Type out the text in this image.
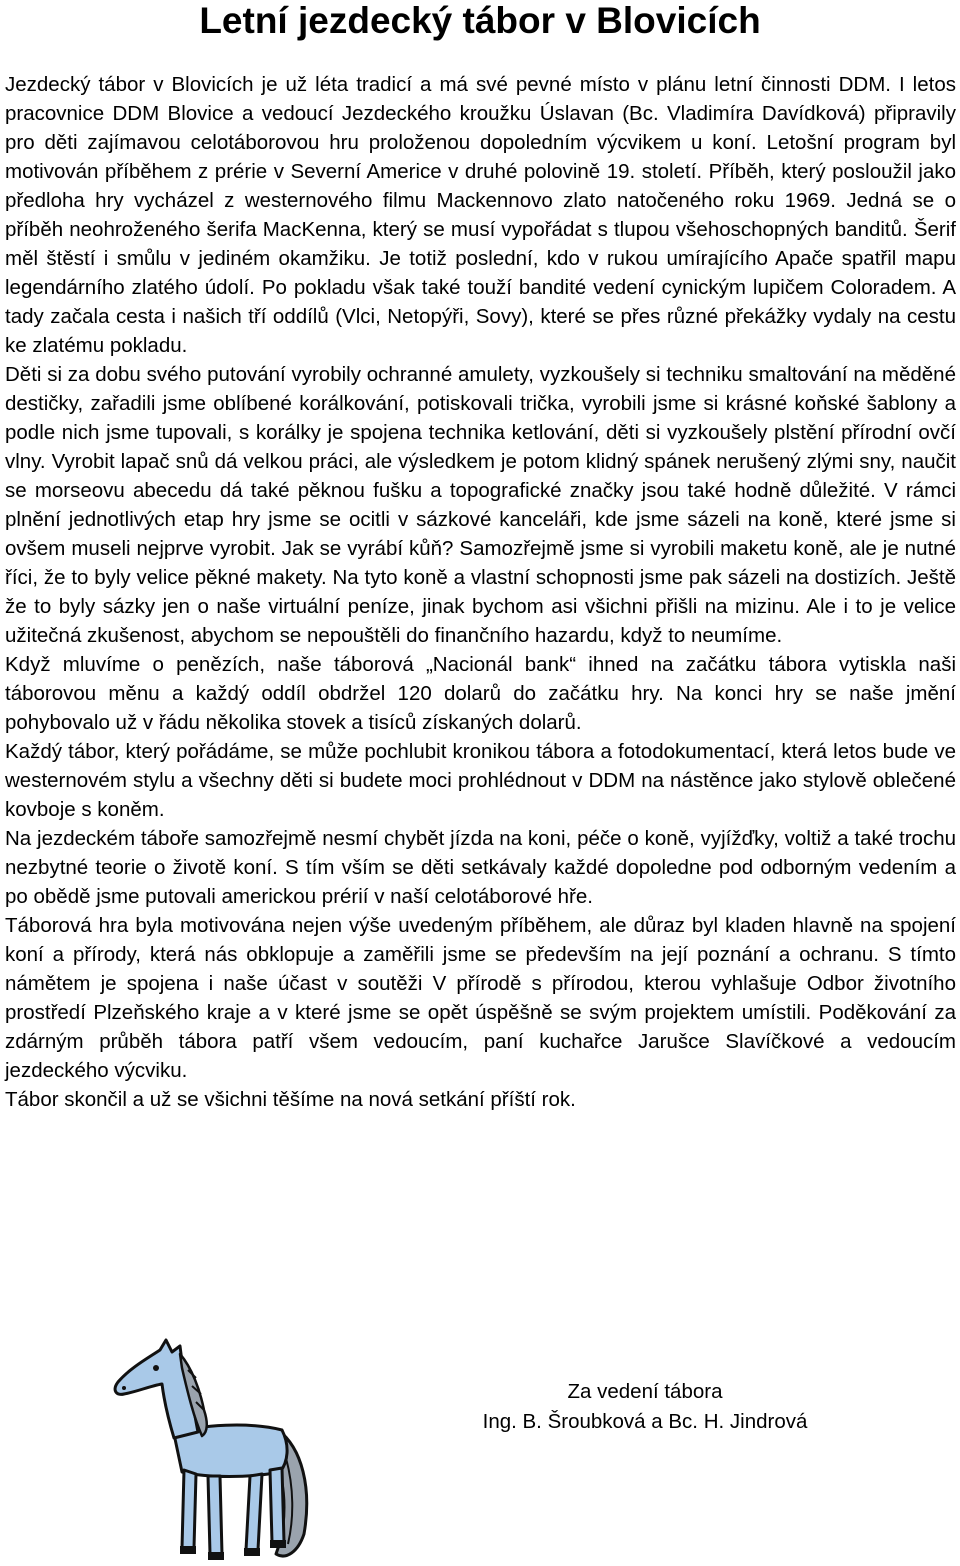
Letní jezdecký tábor v Blovicích

Jezdecký tábor v Blovicích je už léta tradicí a má své pevné místo v plánu letní činnosti DDM. I letos pracovnice DDM Blovice a vedoucí Jezdeckého kroužku Úslavan (Bc. Vladimíra Davídková) připravily pro děti zajímavou celotáborovou hru proloženou dopoledním výcvikem u koní. Letošní program byl motivován příběhem z prérie v Severní Americe v druhé polovině 19. století. Příběh, který posloužil jako předloha hry vycházel z westernového filmu Mackennovo zlato natočeného roku 1969. Jedná se o příběh neohroženého šerifa MacKenna, který se musí vypořádat s tlupou všehoschopných banditů. Šerif měl štěstí i smůlu v jediném okamžiku. Je totiž poslední, kdo v rukou umírajícího Apače spatřil mapu legendárního zlatého údolí. Po pokladu však také touží bandité vedení cynickým lupičem Coloradem. A tady začala cesta i našich tří oddílů (Vlci, Netopýři, Sovy), které se přes různé překážky vydaly na cestu ke zlatému pokladu.

Děti si za dobu svého putování vyrobily ochranné amulety, vyzkoušely si techniku smaltování na měděné destičky, zařadili jsme oblíbené korálkování, potiskovali trička, vyrobili jsme si krásné koňské šablony a podle nich jsme tupovali, s korálky je spojena technika ketlování, děti si vyzkoušely plstění přírodní ovčí vlny. Vyrobit lapač snů dá velkou práci, ale výsledkem je potom klidný spánek nerušený zlými sny, naučit se morseovu abecedu dá také pěknou fušku a topografické značky jsou také hodně důležité. V rámci plnění jednotlivých etap hry jsme se ocitli v sázkové kanceláři, kde jsme sázeli na koně, které jsme si ovšem museli nejprve vyrobit. Jak se vyrábí kůň? Samozřejmě jsme si vyrobili maketu koně, ale je nutné říci, že to byly velice pěkné makety. Na tyto koně a vlastní schopnosti jsme pak sázeli na dostizích. Ještě že to byly sázky jen o naše virtuální peníze, jinak bychom asi všichni přišli na mizinu. Ale i to je velice užitečná zkušenost, abychom se nepouštěli do finančního hazardu, když to neumíme.

Když mluvíme o penězích, naše táborová „Nacionál bank“ ihned na začátku tábora vytiskla naši táborovou měnu a každý oddíl obdržel 120 dolarů do začátku hry. Na konci hry se naše jmění pohybovalo už v řádu několika stovek a tisíců získaných dolarů.

Každý tábor, který pořádáme, se může pochlubit kronikou tábora a fotodokumentací, která letos bude ve westernovém stylu a všechny děti si budete moci prohlédnout v DDM na nástěnce jako stylově oblečené kovboje s koněm.

Na jezdeckém táboře samozřejmě nesmí chybět jízda na koni, péče o koně, vyjížďky, voltiž a také trochu nezbytné teorie o životě koní. S tím vším se děti setkávaly každé dopoledne pod odborným vedením a po obědě jsme putovali americkou prérií v naší celotáborové hře.

Táborová hra byla motivována nejen výše uvedeným příběhem, ale důraz byl kladen hlavně na spojení koní a přírody, která nás obklopuje a zaměřili jsme se především na její poznání a ochranu. S tímto námětem je spojena i naše účast v soutěži V přírodě s přírodou, kterou vyhlašuje Odbor životního prostředí Plzeňského kraje a v které jsme se opět úspěšně se svým projektem umístili. Poděkování za zdárným průběh tábora patří všem vedoucím, paní kuchařce Jarušce Slavíčkové a vedoucím jezdeckého výcviku.

Tábor skončil a už se všichni těšíme na nová setkání příští rok.

Za vedení tábora
Ing. B. Šroubková a Bc. H. Jindrová
